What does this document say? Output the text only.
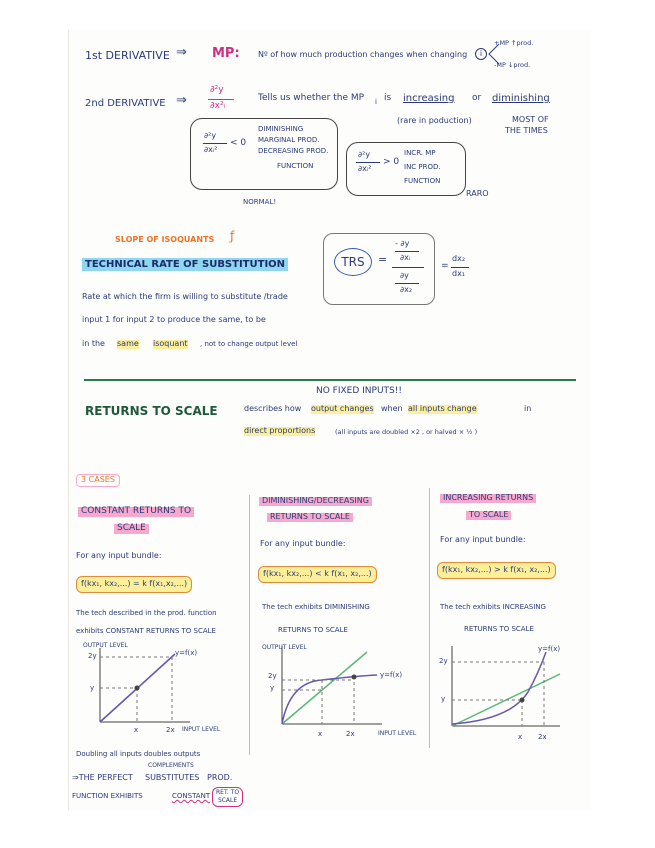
1st DERIVATIVE ⇒ MP: Nº of how much production changes when changing	i
+MP ↑prod.
-MP ↓prod.
2nd DERIVATIVE ⇒
∂²y
∂x²ᵢ
Tells us whether the MP i is increasing or diminishing
(rare in poduction)	MOST OF
THE TIMES
∂²y
∂xᵢ²
< 0
DIMINISHING
MARGINAL PROD.
DECREASING PROD.
FUNCTION
NORMAL!
∂²y
∂xᵢ²
> 0
INCR. MP
INC PROD.
FUNCTION
RARO
SLOPE OF ISOQUANTS ƒ
TECHNICAL RATE OF SUBSTITUTION	TRS	=
- ∂y
∂xᵢ
∂y
∂x₂
=
dx₂
dx₁
Rate at which the firm is willing to substitute /trade
input 1 for input 2 to produce the same, to be
in the same isoquant , not to change output level
NO FIXED INPUTS!!
RETURNS TO SCALE	describes how output changes when all inputs change	in
direct proportions	(all inputs are doubled ×2 , or halved × ½ )
3 CASES
CONSTANT RETURNS TO
SCALE
For any input bundle:
f(kx₁, kx₂,...) = k f(x₁,x₂,...)
The tech described in the prod. function
exhibits CONSTANT RETURNS TO SCALE
DIMINISHING/DECREASING
RETURNS TO SCALE
For any input bundle:
f(kx₁, kx₂,...) < k f(x₁, x₂,...)
The tech exhibits DIMINISHING
RETURNS TO SCALE
INCREASING RETURNS
TO SCALE
For any input bundle:
f(kx₁, kx₂,...) > k f(x₁, x₂,...)
The tech exhibits INCREASING
RETURNS TO SCALE
OUTPUT LEVEL
y=f(x)
2y
y
x	2x INPUT LEVEL
OUTPUT LEVEL
y=f(x)
2y
y
x	2x	INPUT LEVEL
y=f(x)
2y
y
x 2x
Doubling all inputs doubles outputs
COMPLEMENTS
⇒THE PERFECT SUBSTITUTES PROD.
FUNCTION EXHIBITS	CONSTANT RET. TO
SCALE
